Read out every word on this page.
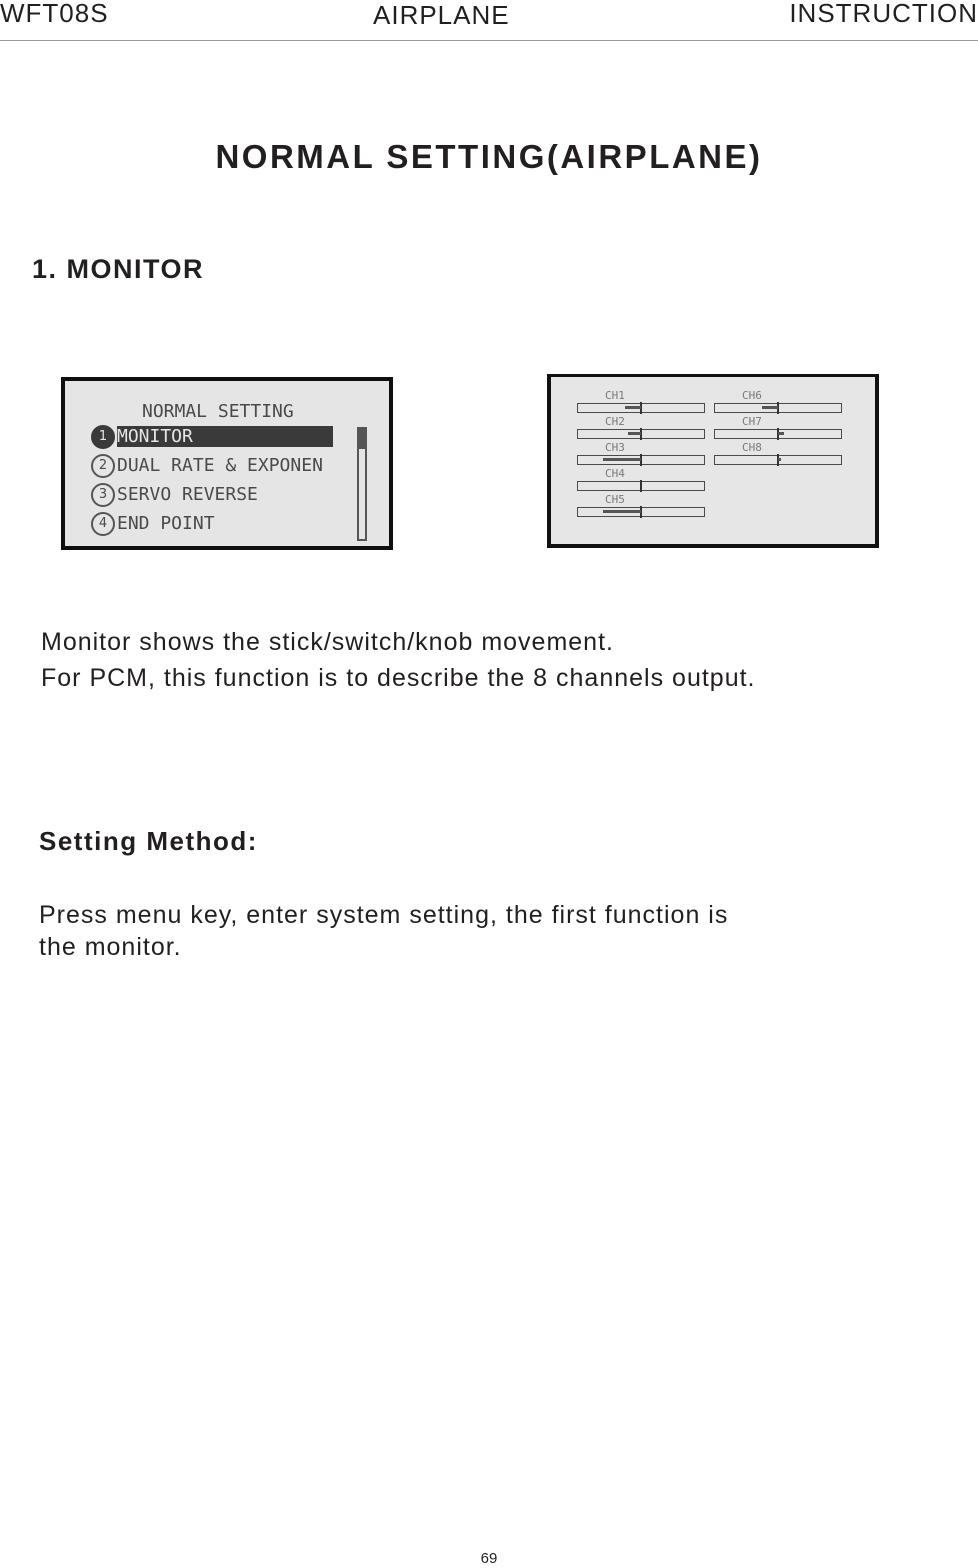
WFT08S	AIRPLANE	INSTRUCTION
NORMAL SETTING(AIRPLANE)
1. MONITOR
NORMAL SETTING
1 MONITOR
2 DUAL RATE & EXPONEN
3 SERVO REVERSE
4 END POINT
CH1
CH2
CH3
CH4
CH5
CH6
CH7
CH8
Monitor shows the stick/switch/knob movement.
For PCM, this function is to describe the 8 channels output.
Setting Method:
Press menu key, enter system setting, the first function is
the monitor.
69
